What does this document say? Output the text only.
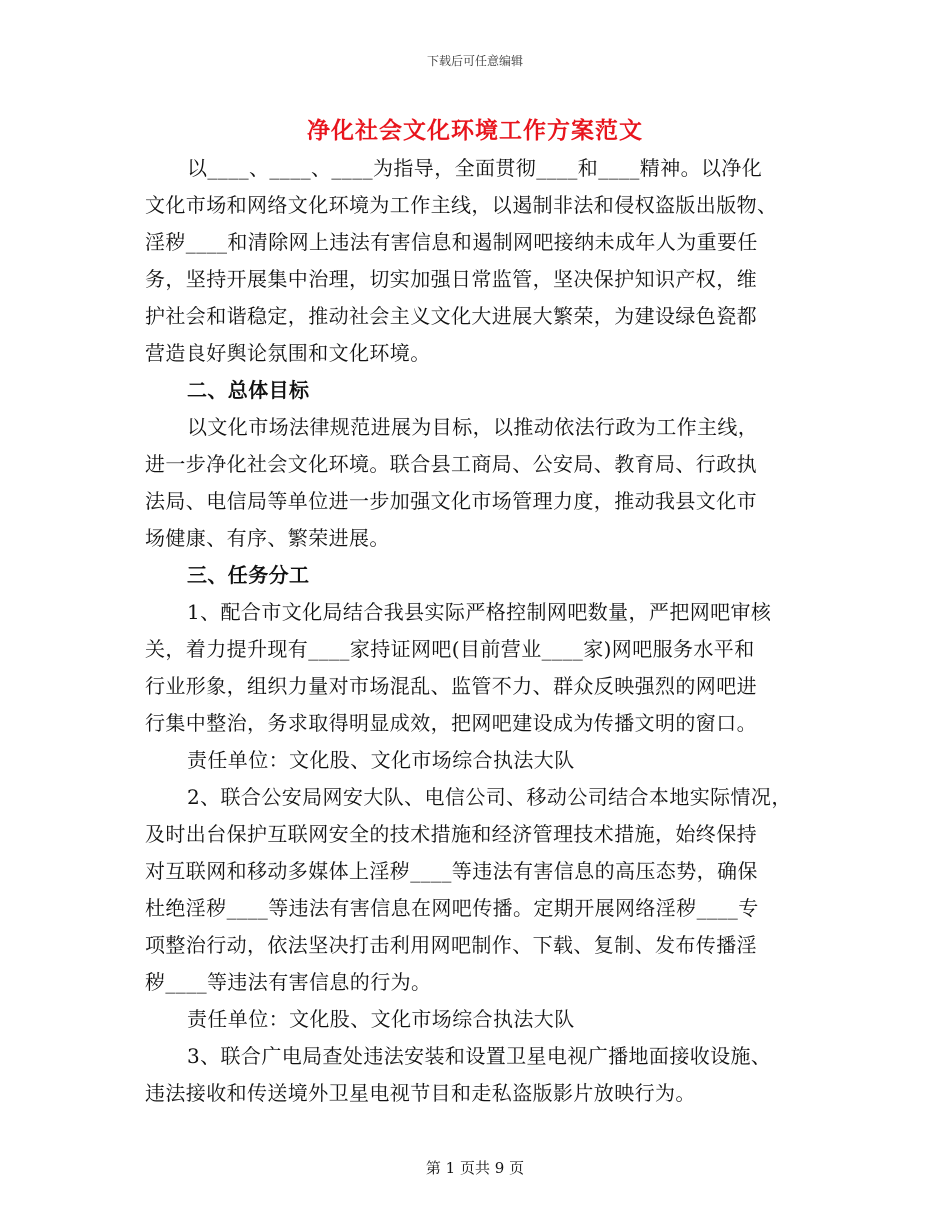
下载后可任意编辑
净化社会文化环境工作方案范文
以____、____、____为指导，全面贯彻____和____精神。以净化
文化市场和网络文化环境为工作主线，以遏制非法和侵权盗版出版物、
淫秽____和清除网上违法有害信息和遏制网吧接纳未成年人为重要任
务，坚持开展集中治理，切实加强日常监管，坚决保护知识产权，维
护社会和谐稳定，推动社会主义文化大进展大繁荣，为建设绿色瓷都
营造良好舆论氛围和文化环境。
二、总体目标
以文化市场法律规范进展为目标，以推动依法行政为工作主线，
进一步净化社会文化环境。联合县工商局、公安局、教育局、行政执
法局、电信局等单位进一步加强文化市场管理力度，推动我县文化市
场健康、有序、繁荣进展。
三、任务分工
1、配合市文化局结合我县实际严格控制网吧数量，严把网吧审核
关，着力提升现有____家持证网吧(目前营业____家)网吧服务水平和
行业形象，组织力量对市场混乱、监管不力、群众反映强烈的网吧进
行集中整治，务求取得明显成效，把网吧建设成为传播文明的窗口。
责任单位：文化股、文化市场综合执法大队
2、联合公安局网安大队、电信公司、移动公司结合本地实际情况，
及时出台保护互联网安全的技术措施和经济管理技术措施，始终保持
对互联网和移动多媒体上淫秽____等违法有害信息的高压态势，确保
杜绝淫秽____等违法有害信息在网吧传播。定期开展网络淫秽____专
项整治行动，依法坚决打击利用网吧制作、下载、复制、发布传播淫
秽____等违法有害信息的行为。
责任单位：文化股、文化市场综合执法大队
3、联合广电局查处违法安装和设置卫星电视广播地面接收设施、
违法接收和传送境外卫星电视节目和走私盗版影片放映行为。
第 1 页共 9 页
